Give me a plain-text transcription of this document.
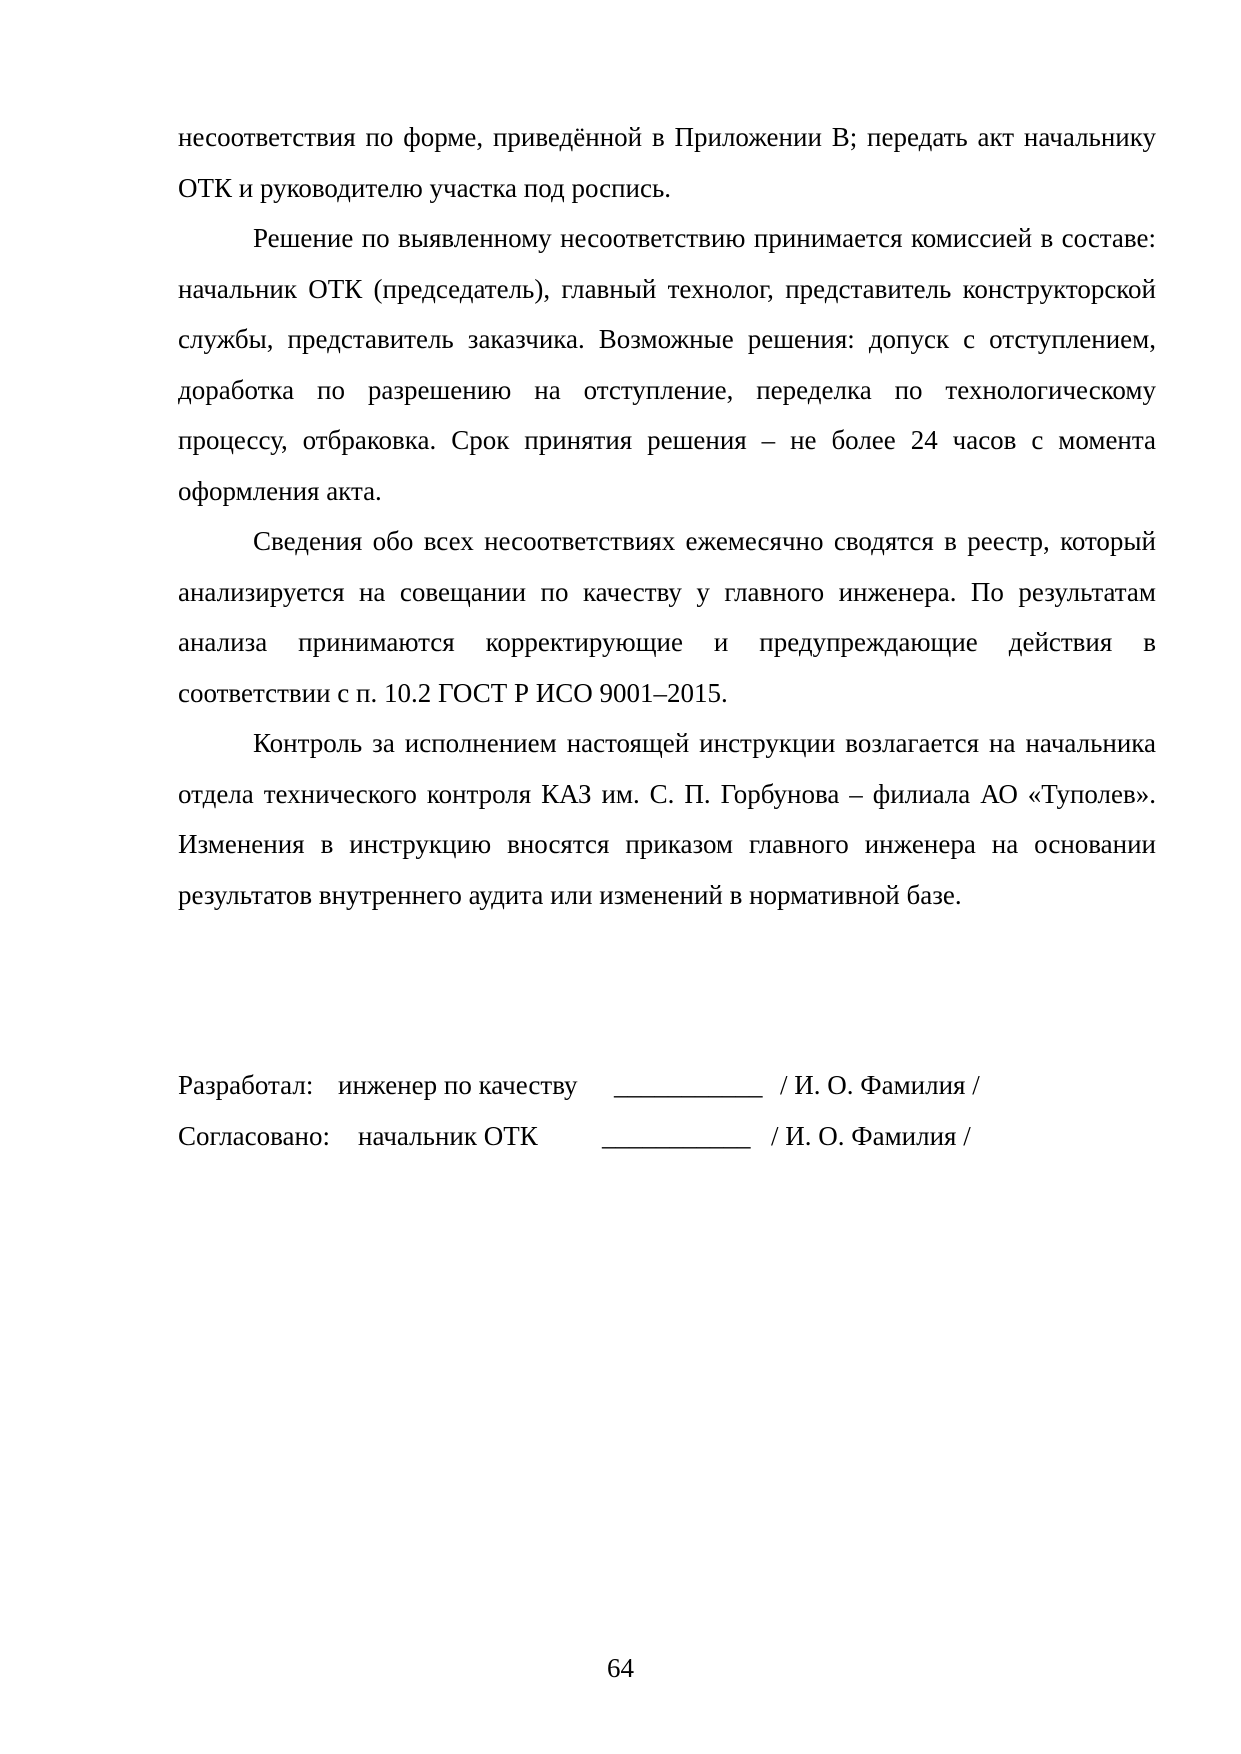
несоответствия по форме, приведённой в Приложении В; передать акт начальнику ОТК и руководителю участка под роспись.

Решение по выявленному несоответствию принимается комиссией в составе: начальник ОТК (председатель), главный технолог, представитель конструкторской службы, представитель заказчика. Возможные решения: допуск с отступлением, доработка по разрешению на отступление, переделка по технологическому процессу, отбраковка. Срок принятия решения – не более 24 часов с момента оформления акта.

Сведения обо всех несоответствиях ежемесячно сводятся в реестр, который анализируется на совещании по качеству у главного инженера. По результатам анализа принимаются корректирующие и предупреждающие действия в соответствии с п. 10.2 ГОСТ Р ИСО 9001–2015.

Контроль за исполнением настоящей инструкции возлагается на начальника отдела технического контроля КАЗ им. С. П. Горбунова – филиала АО «Туполев». Изменения в инструкцию вносятся приказом главного инженера на основании результатов внутреннего аудита или изменений в нормативной базе.

Разработал: инженер по качеству ___________ / И. О. Фамилия /
Согласовано: начальник ОТК ___________ / И. О. Фамилия /
64
